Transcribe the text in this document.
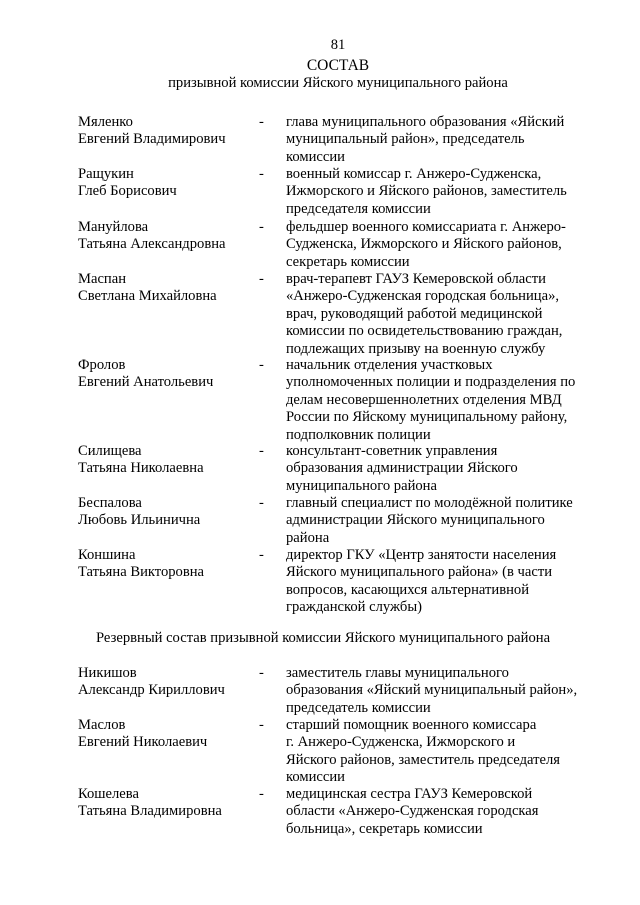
81
СОСТАВ
призывной комиссии Яйского муниципального района
Мяленко
Евгений Владимирович
- глава муниципального образования «Яйский
муниципальный район», председатель
комиссии
Ращукин
Глеб Борисович
- военный комиссар г. Анжеро-Судженска,
Ижморского и Яйского районов, заместитель
председателя комиссии
Мануйлова
Татьяна Александровна
- фельдшер военного комиссариата г. Анжеро-
Судженска, Ижморского и Яйского районов,
секретарь комиссии
Маспан
Светлана Михайловна
- врач-терапевт ГАУЗ Кемеровской области
«Анжеро-Судженская городская больница»,
врач, руководящий работой медицинской
комиссии по освидетельствованию граждан,
подлежащих призыву на военную службу
Фролов
Евгений Анатольевич
- начальник отделения участковых
уполномоченных полиции и подразделения по
делам несовершеннолетних отделения МВД
России по Яйскому муниципальному району,
подполковник полиции
Силищева
Татьяна Николаевна
- консультант-советник управления
образования администрации Яйского
муниципального района
Беспалова
Любовь Ильинична
- главный специалист по молодёжной политике
администрации Яйского муниципального
района
Коншина
Татьяна Викторовна
- директор ГКУ «Центр занятости населения
Яйского муниципального района» (в части
вопросов, касающихся альтернативной
гражданской службы)
Резервный состав призывной комиссии Яйского муниципального района
Никишов
Александр Кириллович
- заместитель главы муниципального
образования «Яйский муниципальный район»,
председатель комиссии
Маслов
Евгений Николаевич
- старший помощник военного комиссара
г. Анжеро-Судженска, Ижморского и
Яйского районов, заместитель председателя
комиссии
Кошелева
Татьяна Владимировна
- медицинская сестра ГАУЗ Кемеровской
области «Анжеро-Судженская городская
больница», секретарь комиссии
